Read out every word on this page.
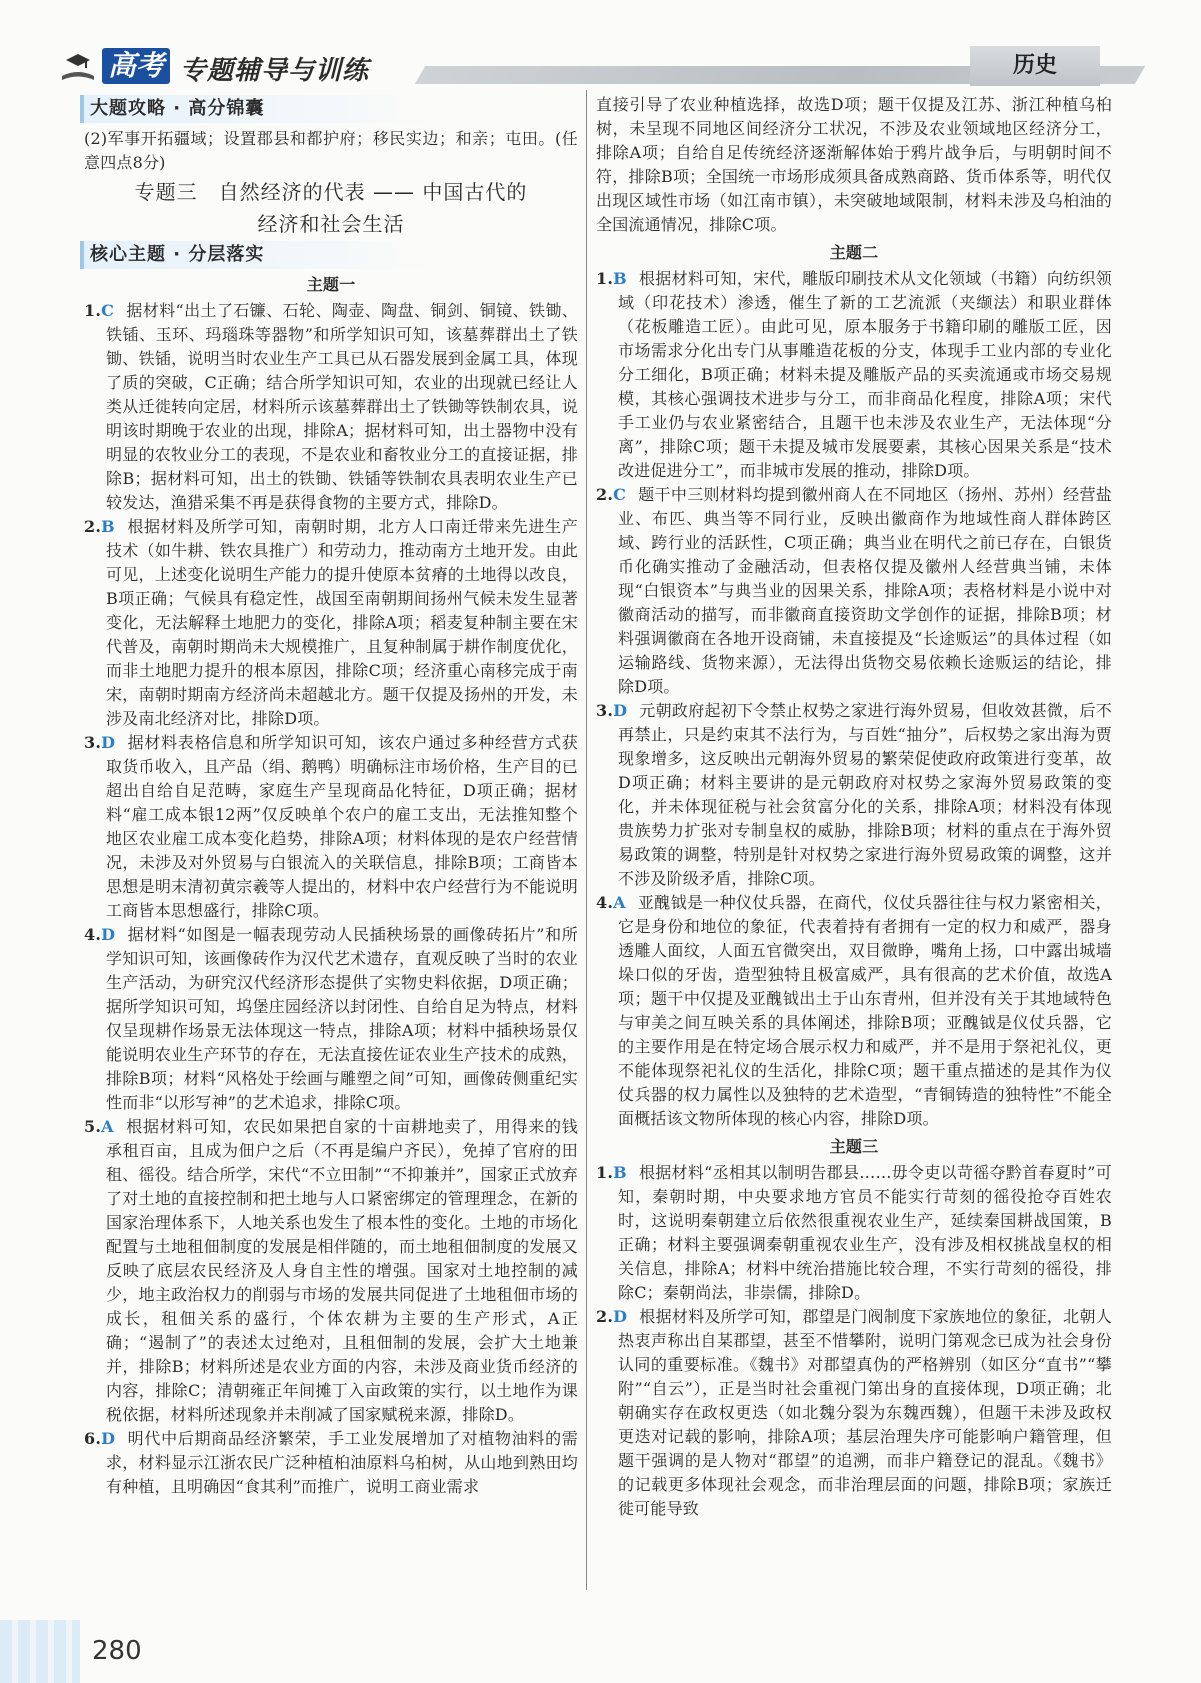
高考 专题辅导与训练	历史
大题攻略 · 高分锦囊

(2)军事开拓疆域；设置郡县和都护府；移民实边；和亲；屯田。(任意四点8分)

专题三　自然经济的代表 —— 中国古代的
经济和社会生活
核心主题 · 分层落实
主题一

1.C 据材料“出土了石镰、石轮、陶壶、陶盘、铜剑、铜镜、铁锄、铁锸、玉环、玛瑙珠等器物”和所学知识可知，该墓葬群出土了铁锄、铁锸，说明当时农业生产工具已从石器发展到金属工具，体现了质的突破，C正确；结合所学知识可知，农业的出现就已经让人类从迁徙转向定居，材料所示该墓葬群出土了铁锄等铁制农具，说明该时期晚于农业的出现，排除A；据材料可知，出土器物中没有明显的农牧业分工的表现，不是农业和畜牧业分工的直接证据，排除B；据材料可知，出土的铁锄、铁锸等铁制农具表明农业生产已较发达，渔猎采集不再是获得食物的主要方式，排除D。

2.B 根据材料及所学可知，南朝时期，北方人口南迁带来先进生产技术（如牛耕、铁农具推广）和劳动力，推动南方土地开发。由此可见，上述变化说明生产能力的提升使原本贫瘠的土地得以改良，B项正确；气候具有稳定性，战国至南朝期间扬州气候未发生显著变化，无法解释土地肥力的变化，排除A项；稻麦复种制主要在宋代普及，南朝时期尚未大规模推广，且复种制属于耕作制度优化，而非土地肥力提升的根本原因，排除C项；经济重心南移完成于南宋，南朝时期南方经济尚未超越北方。题干仅提及扬州的开发，未涉及南北经济对比，排除D项。

3.D 据材料表格信息和所学知识可知，该农户通过多种经营方式获取货币收入，且产品（绢、鹅鸭）明确标注市场价格，生产目的已超出自给自足范畴，家庭生产呈现商品化特征，D项正确；据材料“雇工成本银12两”仅反映单个农户的雇工支出，无法推知整个地区农业雇工成本变化趋势，排除A项；材料体现的是农户经营情况，未涉及对外贸易与白银流入的关联信息，排除B项；工商皆本思想是明末清初黄宗羲等人提出的，材料中农户经营行为不能说明工商皆本思想盛行，排除C项。

4.D 据材料“如图是一幅表现劳动人民插秧场景的画像砖拓片”和所学知识可知，该画像砖作为汉代艺术遗存，直观反映了当时的农业生产活动，为研究汉代经济形态提供了实物史料依据，D项正确；据所学知识可知，坞堡庄园经济以封闭性、自给自足为特点，材料仅呈现耕作场景无法体现这一特点，排除A项；材料中插秧场景仅能说明农业生产环节的存在，无法直接佐证农业生产技术的成熟，排除B项；材料“风格处于绘画与雕塑之间”可知，画像砖侧重纪实性而非“以形写神”的艺术追求，排除C项。

5.A 根据材料可知，农民如果把自家的十亩耕地卖了，用得来的钱承租百亩，且成为佃户之后（不再是编户齐民），免掉了官府的田租、徭役。结合所学，宋代“不立田制”“不抑兼并”，国家正式放弃了对土地的直接控制和把土地与人口紧密绑定的管理理念，在新的国家治理体系下，人地关系也发生了根本性的变化。土地的市场化配置与土地租佃制度的发展是相伴随的，而土地租佃制度的发展又反映了底层农民经济及人身自主性的增强。国家对土地控制的减少，地主政治权力的削弱与市场的发展共同促进了土地租佃市场的成长，租佃关系的盛行，个体农耕为主要的生产形式，A正确；“遏制了”的表述太过绝对，且租佃制的发展，会扩大土地兼并，排除B；材料所述是农业方面的内容，未涉及商业货币经济的内容，排除C；清朝雍正年间摊丁入亩政策的实行，以土地作为课税依据，材料所述现象并未削减了国家赋税来源，排除D。

6.D 明代中后期商品经济繁荣，手工业发展增加了对植物油料的需求，材料显示江浙农民广泛种植桕油原料乌桕树，从山地到熟田均有种植，且明确因“食其利”而推广，说明工商业需求

直接引导了农业种植选择，故选D项；题干仅提及江苏、浙江种植乌桕树，未呈现不同地区间经济分工状况，不涉及农业领域地区经济分工，排除A项；自给自足传统经济逐渐解体始于鸦片战争后，与明朝时间不符，排除B项；全国统一市场形成须具备成熟商路、货币体系等，明代仅出现区域性市场（如江南市镇），未突破地域限制，材料未涉及乌桕油的全国流通情况，排除C项。

主题二

1.B 根据材料可知，宋代，雕版印刷技术从文化领域（书籍）向纺织领域（印花技术）渗透，催生了新的工艺流派（夹缬法）和职业群体（花板雕造工匠）。由此可见，原本服务于书籍印刷的雕版工匠，因市场需求分化出专门从事雕造花板的分支，体现手工业内部的专业化分工细化，B项正确；材料未提及雕版产品的买卖流通或市场交易规模，其核心强调技术进步与分工，而非商品化程度，排除A项；宋代手工业仍与农业紧密结合，且题干也未涉及农业生产，无法体现“分离”，排除C项；题干未提及城市发展要素，其核心因果关系是“技术改进促进分工”，而非城市发展的推动，排除D项。

2.C 题干中三则材料均提到徽州商人在不同地区（扬州、苏州）经营盐业、布匹、典当等不同行业，反映出徽商作为地域性商人群体跨区域、跨行业的活跃性，C项正确；典当业在明代之前已存在，白银货币化确实推动了金融活动，但表格仅提及徽州人经营典当铺，未体现“白银资本”与典当业的因果关系，排除A项；表格材料是小说中对徽商活动的描写，而非徽商直接资助文学创作的证据，排除B项；材料强调徽商在各地开设商铺，未直接提及“长途贩运”的具体过程（如运输路线、货物来源），无法得出货物交易依赖长途贩运的结论，排除D项。

3.D 元朝政府起初下令禁止权势之家进行海外贸易，但收效甚微，后不再禁止，只是约束其不法行为，与百姓“抽分”，后权势之家出海为贾现象增多，这反映出元朝海外贸易的繁荣促使政府政策进行变革，故D项正确；材料主要讲的是元朝政府对权势之家海外贸易政策的变化，并未体现征税与社会贫富分化的关系，排除A项；材料没有体现贵族势力扩张对专制皇权的威胁，排除B项；材料的重点在于海外贸易政策的调整，特别是针对权势之家进行海外贸易政策的调整，这并不涉及阶级矛盾，排除C项。

4.A 亚醜钺是一种仪仗兵器，在商代，仪仗兵器往往与权力紧密相关，它是身份和地位的象征，代表着持有者拥有一定的权力和威严，器身透雕人面纹，人面五官微突出，双目微睁，嘴角上扬，口中露出城墙垛口似的牙齿，造型独特且极富威严，具有很高的艺术价值，故选A项；题干中仅提及亚醜钺出土于山东青州，但并没有关于其地域特色与审美之间互映关系的具体阐述，排除B项；亚醜钺是仪仗兵器，它的主要作用是在特定场合展示权力和威严，并不是用于祭祀礼仪，更不能体现祭祀礼仪的生活化，排除C项；题干重点描述的是其作为仪仗兵器的权力属性以及独特的艺术造型，“青铜铸造的独特性”不能全面概括该文物所体现的核心内容，排除D项。

主题三

1.B 根据材料“丞相其以制明告郡县……毋令吏以苛徭夺黔首春夏时”可知，秦朝时期，中央要求地方官员不能实行苛刻的徭役抢夺百姓农时，这说明秦朝建立后依然很重视农业生产，延续秦国耕战国策，B正确；材料主要强调秦朝重视农业生产，没有涉及相权挑战皇权的相关信息，排除A；材料中统治措施比较合理，不实行苛刻的徭役，排除C；秦朝尚法，非崇儒，排除D。

2.D 根据材料及所学可知，郡望是门阀制度下家族地位的象征，北朝人热衷声称出自某郡望，甚至不惜攀附，说明门第观念已成为社会身份认同的重要标准。《魏书》对郡望真伪的严格辨别（如区分“直书”“攀附”“自云”），正是当时社会重视门第出身的直接体现，D项正确；北朝确实存在政权更迭（如北魏分裂为东魏西魏），但题干未涉及政权更迭对记载的影响，排除A项；基层治理失序可能影响户籍管理，但题干强调的是人物对“郡望”的追溯，而非户籍登记的混乱。《魏书》的记载更多体现社会观念，而非治理层面的问题，排除B项；家族迁徙可能导致

280
